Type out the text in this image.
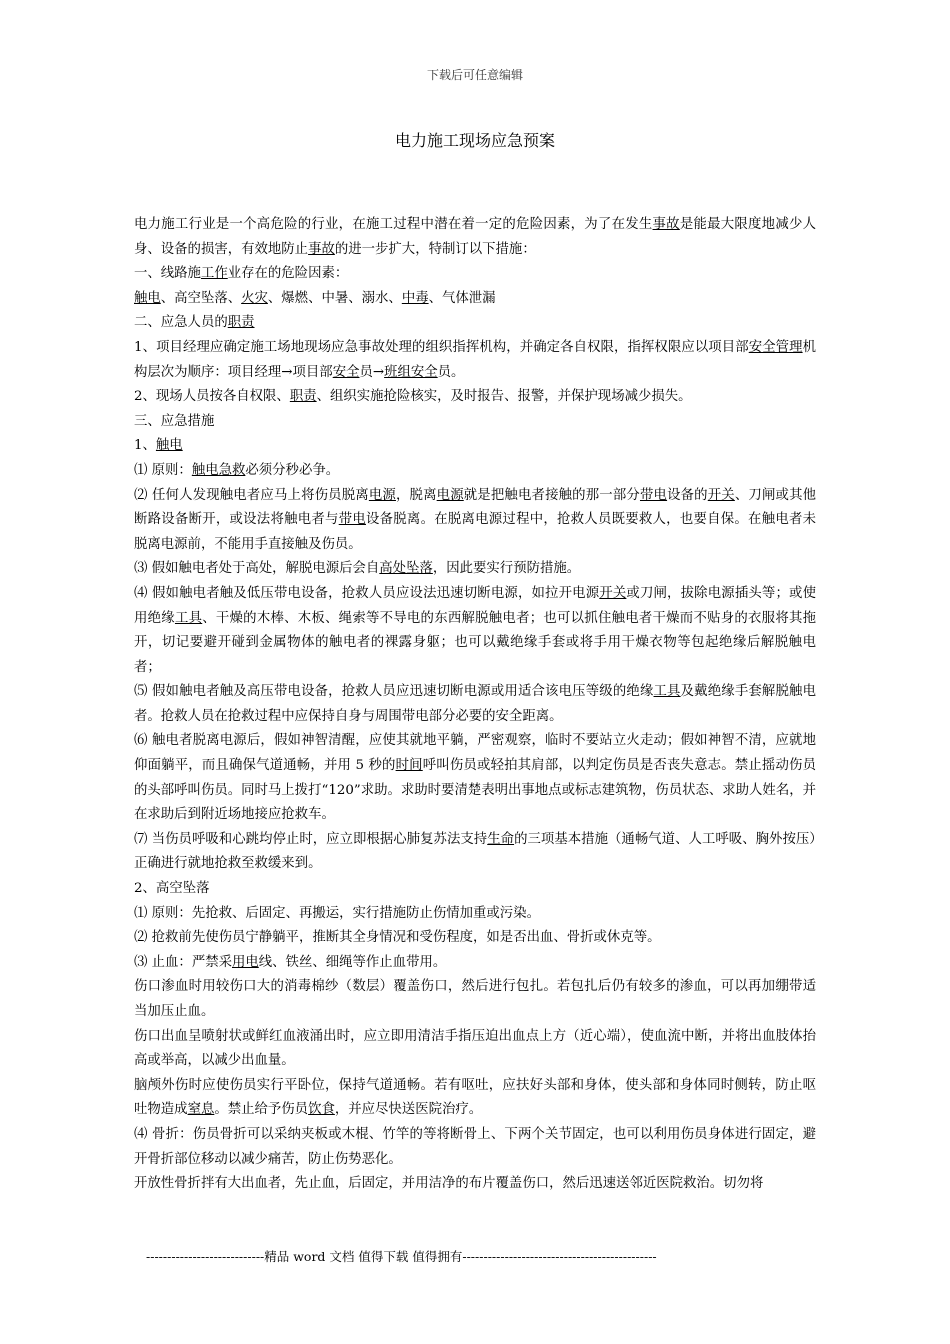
下载后可任意编辑
电力施工现场应急预案

电力施工行业是一个高危险的行业，在施工过程中潜在着一定的危险因素，为了在发生事故是能最大限度地减少人身、设备的损害，有效地防止事故的进一步扩大，特制订以下措施：

一、线路施工作业存在的危险因素：

触电、高空坠落、火灾、爆燃、中暑、溺水、中毒、气体泄漏

二、应急人员的职责

1、项目经理应确定施工场地现场应急事故处理的组织指挥机构，并确定各自权限，指挥权限应以项目部安全管理机构层次为顺序：项目经理→项目部安全员→班组安全员。

2、现场人员按各自权限、职责、组织实施抢险核实，及时报告、报警，并保护现场减少损失。

三、应急措施

1、触电

⑴ 原则：触电急救必须分秒必争。

⑵ 任何人发现触电者应马上将伤员脱离电源，脱离电源就是把触电者接触的那一部分带电设备的开关、刀闸或其他断路设备断开，或设法将触电者与带电设备脱离。在脱离电源过程中，抢救人员既要救人，也要自保。在触电者未脱离电源前，不能用手直接触及伤员。

⑶ 假如触电者处于高处，解脱电源后会自高处坠落，因此要实行预防措施。

⑷ 假如触电者触及低压带电设备，抢救人员应设法迅速切断电源，如拉开电源开关或刀闸，拔除电源插头等；或使用绝缘工具、干燥的木棒、木板、绳索等不导电的东西解脱触电者；也可以抓住触电者干燥而不贴身的衣服将其拖开，切记要避开碰到金属物体的触电者的裸露身躯；也可以戴绝缘手套或将手用干燥衣物等包起绝缘后解脱触电者；

⑸ 假如触电者触及高压带电设备，抢救人员应迅速切断电源或用适合该电压等级的绝缘工具及戴绝缘手套解脱触电者。抢救人员在抢救过程中应保持自身与周围带电部分必要的安全距离。

⑹ 触电者脱离电源后，假如神智清醒，应使其就地平躺，严密观察，临时不要站立火走动；假如神智不清，应就地仰面躺平，而且确保气道通畅，并用 5 秒的时间呼叫伤员或轻拍其肩部，以判定伤员是否丧失意志。禁止摇动伤员的头部呼叫伤员。同时马上拨打“120”求助。求助时要清楚表明出事地点或标志建筑物，伤员状态、求助人姓名，并在求助后到附近场地接应抢救车。

⑺ 当伤员呼吸和心跳均停止时，应立即根据心肺复苏法支持生命的三项基本措施（通畅气道、人工呼吸、胸外按压）正确进行就地抢救至救缓来到。

2、高空坠落

⑴ 原则：先抢救、后固定、再搬运，实行措施防止伤情加重或污染。

⑵ 抢救前先使伤员宁静躺平，推断其全身情况和受伤程度，如是否出血、骨折或休克等。

⑶ 止血：严禁采用电线、铁丝、细绳等作止血带用。

伤口渗血时用较伤口大的消毒棉纱（数层）覆盖伤口，然后进行包扎。若包扎后仍有较多的渗血，可以再加绷带适当加压止血。

伤口出血呈喷射状或鲜红血液涌出时，应立即用清洁手指压迫出血点上方（近心端），使血流中断，并将出血肢体抬高或举高，以减少出血量。

脑颅外伤时应使伤员实行平卧位，保持气道通畅。若有呕吐，应扶好头部和身体，使头部和身体同时侧转，防止呕吐物造成窒息。禁止给予伤员饮食，并应尽快送医院治疗。

⑷ 骨折：伤员骨折可以采纳夹板或木棍、竹竿的等将断骨上、下两个关节固定，也可以利用伤员身体进行固定，避开骨折部位移动以减少痛苦，防止伤势恶化。

开放性骨折拌有大出血者，先止血，后固定，并用洁净的布片覆盖伤口，然后迅速送邻近医院救治。切勿将

----------------------------精品 word 文档 值得下载 值得拥有----------------------------------------------
